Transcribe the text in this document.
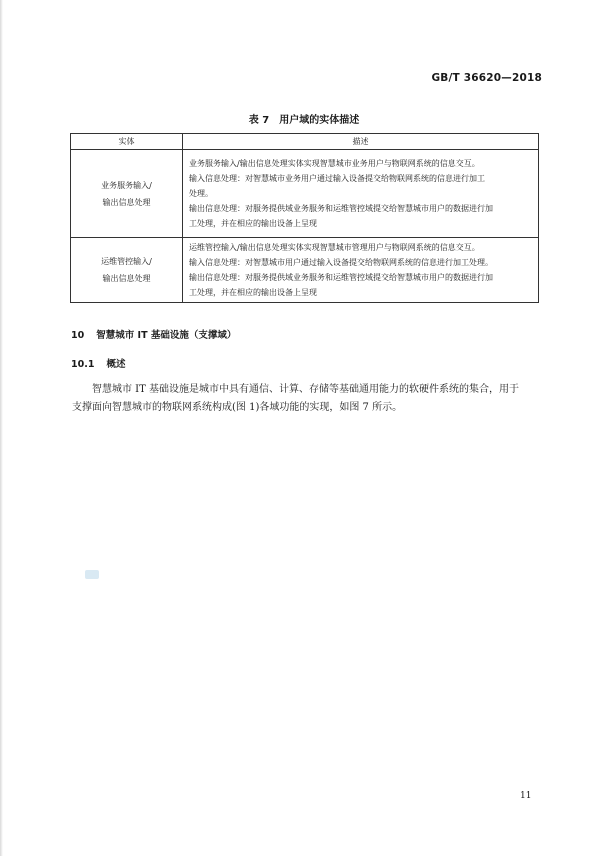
GB/T 36620—2018
表 7　用户域的实体描述
实体	描述

业务服务输入/
输出信息处理	业务服务输入/输出信息处理实体实现智慧城市业务用户与物联网系统的信息交互。
输入信息处理：对智慧城市业务用户通过输入设备提交给物联网系统的信息进行加工
处理。
输出信息处理：对服务提供域业务服务和运维管控域提交给智慧城市用户的数据进行加
工处理，并在相应的输出设备上呈现

运维管控输入/
输出信息处理	运维管控输入/输出信息处理实体实现智慧城市管理用户与物联网系统的信息交互。
输入信息处理：对智慧城市用户通过输入设备提交给物联网系统的信息进行加工处理。
输出信息处理：对服务提供域业务服务和运维管控域提交给智慧城市用户的数据进行加
工处理，并在相应的输出设备上呈现
10 智慧城市 IT 基础设施（支撑域）
10.1 概述
智慧城市 IT 基础设施是城市中具有通信、计算、存储等基础通用能力的软硬件系统的集合，用于
支撑面向智慧城市的物联网系统构成(图 1)各域功能的实现，如图 7 所示。
11
